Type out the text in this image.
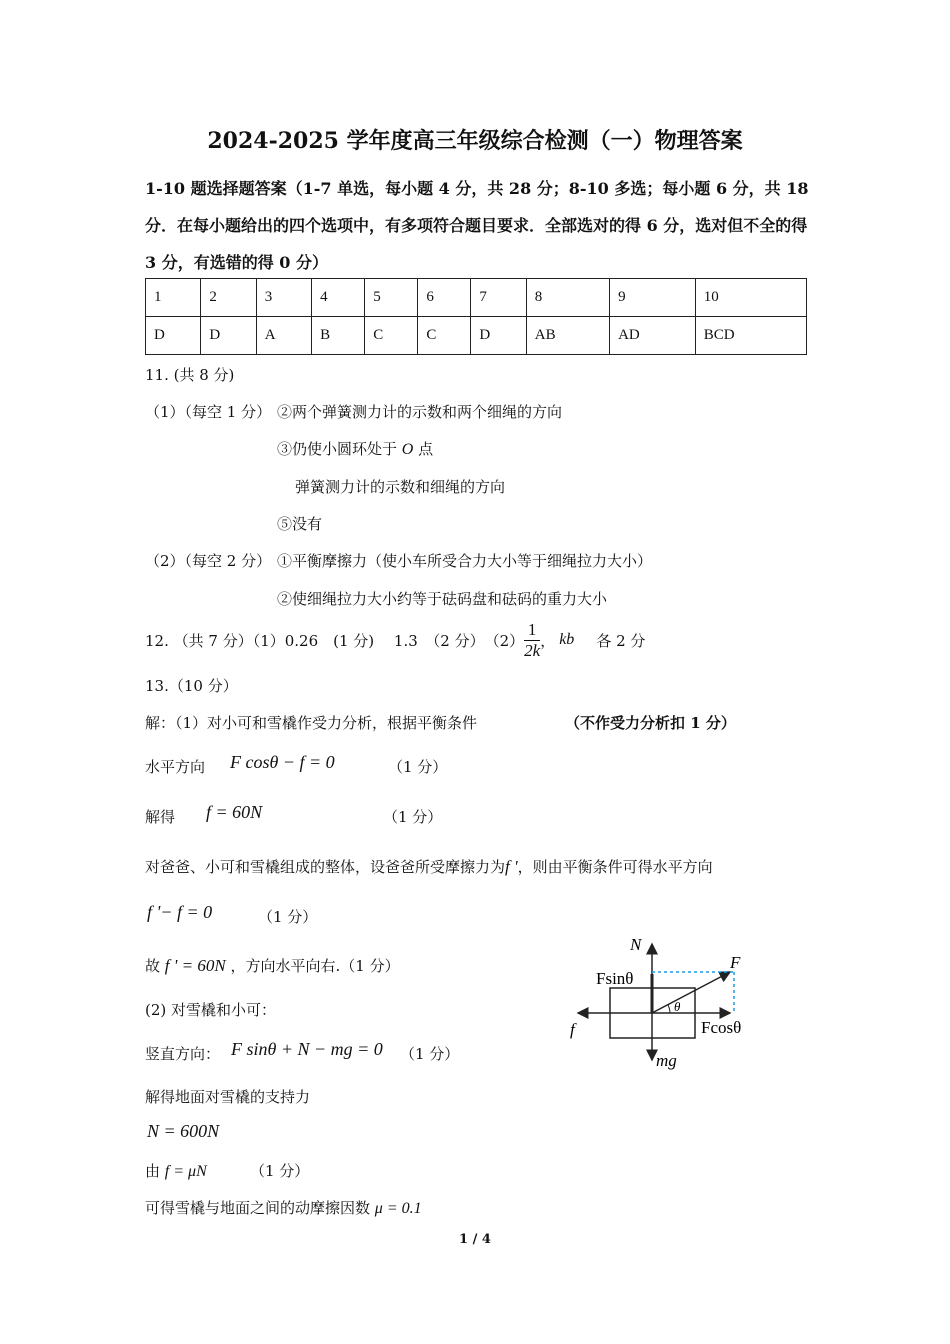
2024-2025 学年度高三年级综合检测（一）物理答案
1-10 题选择题答案（1-7 单选，每小题 4 分，共 28 分；8-10 多选；每小题 6 分，共 18 分．在每小题给出的四个选项中，有多项符合题目要求．全部选对的得 6 分，选对但不全的得 3 分，有选错的得 0 分）
1	2	3	4	5	6	7	8	9	10
D	D	A	B	C	C	D	AB	AD	BCD
11. (共 8 分)
（1）（每空 1 分） ②两个弹簧测力计的示数和两个细绳的方向
③仍使小圆环处于 O 点
弹簧测力计的示数和细绳的方向
⑤没有
（2）（每空 2 分） ①平衡摩擦力（使小车所受合力大小等于细绳拉力大小）
②使细绳拉力大小约等于砝码盘和砝码的重力大小
12. （共 7 分）（1）0.26　(1 分)　 1.3　（2 分）　$(2) \frac{1}{2k}$ ， kb 各 2 分
13.（10 分）
解：（1）对小可和雪橇作受力分析，根据平衡条件	（不作受力分析扣 1 分）
水平方向 F cosθ − f = 0	（1 分）
解得 f = 60N	（1 分）
对爸爸、小可和雪橇组成的整体，设爸爸所受摩擦力为f '，则由平衡条件可得水平方向
f '− f = 0	（1 分）
故 f ' = 60N ，方向水平向右.（1 分）
(2) 对雪橇和小可：
竖直方向： F sinθ + N − mg = 0 （1 分）
解得地面对雪橇的支持力
N = 600N
由 f = μN	（1 分）
可得雪橇与地面之间的动摩擦因数 μ = 0.1
N
F
Fsinθ
Fcosθ
f
mg
θ
1 / 4
